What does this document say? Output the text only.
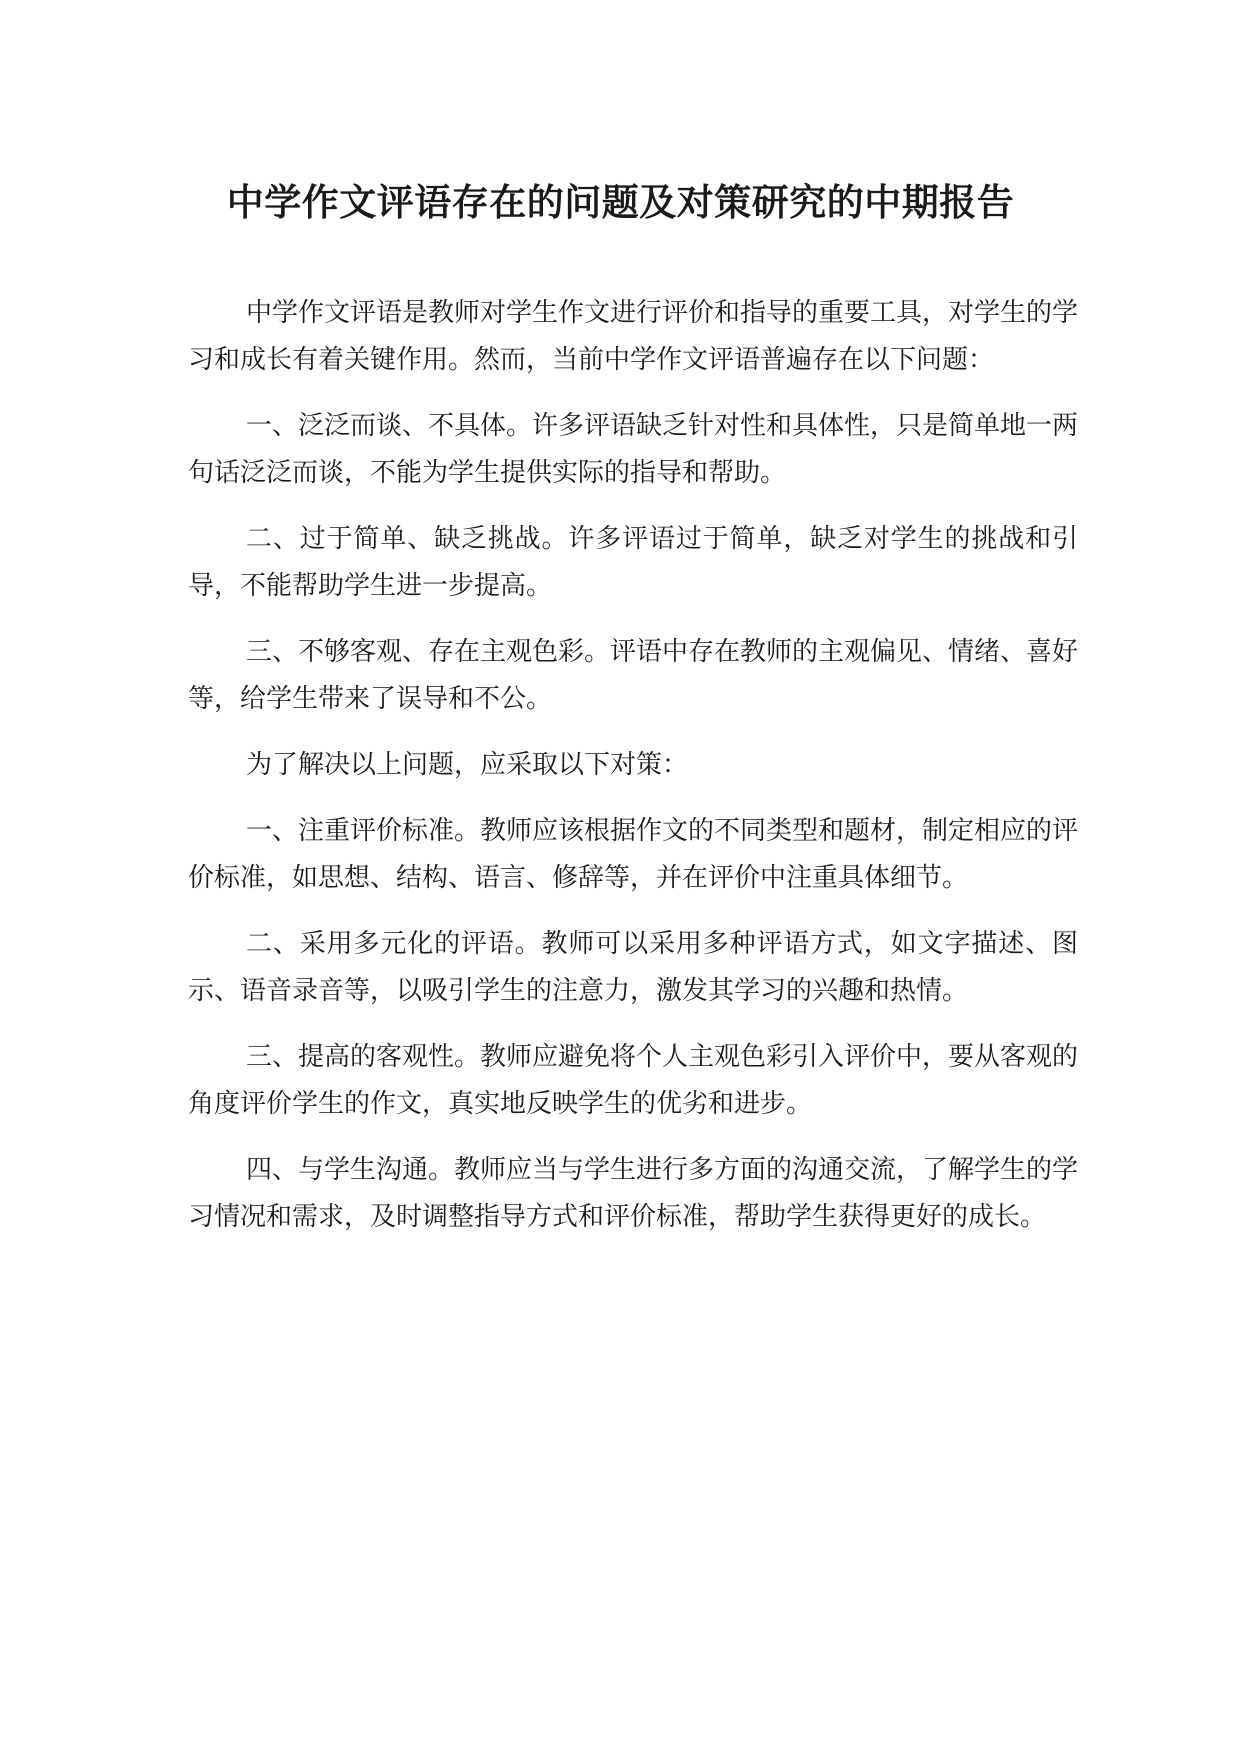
中学作文评语存在的问题及对策研究的中期报告

中学作文评语是教师对学生作文进行评价和指导的重要工具，对学生的学习和成长有着关键作用。然而，当前中学作文评语普遍存在以下问题：

一、泛泛而谈、不具体。许多评语缺乏针对性和具体性，只是简单地一两句话泛泛而谈，不能为学生提供实际的指导和帮助。

二、过于简单、缺乏挑战。许多评语过于简单，缺乏对学生的挑战和引导，不能帮助学生进一步提高。

三、不够客观、存在主观色彩。评语中存在教师的主观偏见、情绪、喜好等，给学生带来了误导和不公。

为了解决以上问题，应采取以下对策：

一、注重评价标准。教师应该根据作文的不同类型和题材，制定相应的评价标准，如思想、结构、语言、修辞等，并在评价中注重具体细节。

二、采用多元化的评语。教师可以采用多种评语方式，如文字描述、图示、语音录音等，以吸引学生的注意力，激发其学习的兴趣和热情。

三、提高的客观性。教师应避免将个人主观色彩引入评价中，要从客观的角度评价学生的作文，真实地反映学生的优劣和进步。

四、与学生沟通。教师应当与学生进行多方面的沟通交流，了解学生的学习情况和需求，及时调整指导方式和评价标准，帮助学生获得更好的成长。
